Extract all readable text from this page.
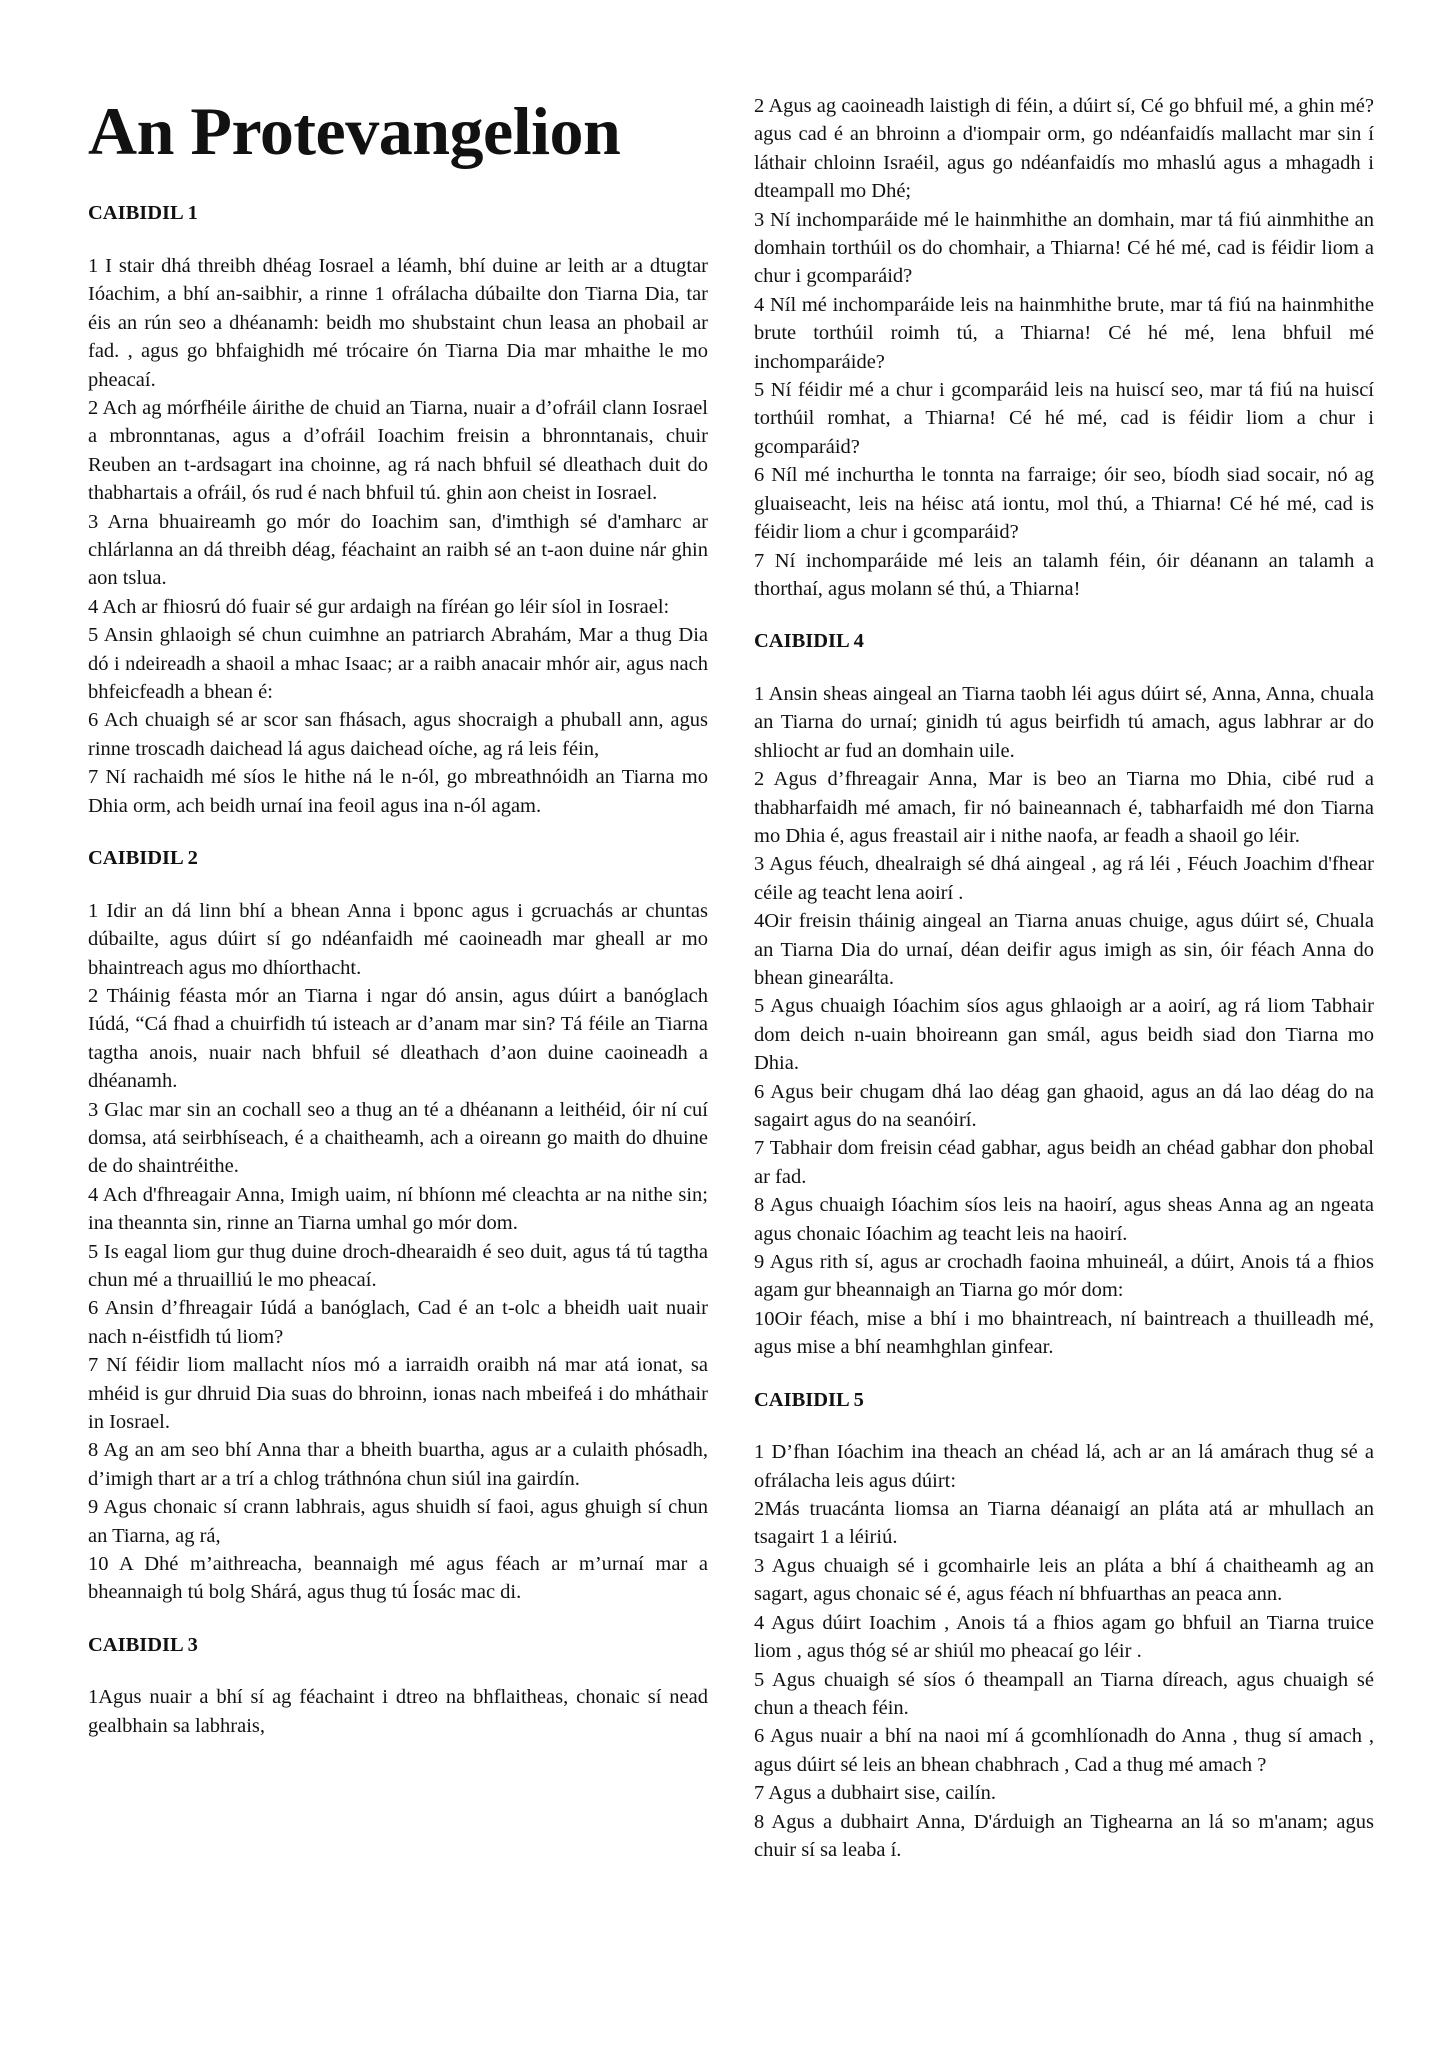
An Protevangelion
CAIBIDIL 1

1 I stair dhá threibh dhéag Iosrael a léamh, bhí duine ar leith ar a dtugtar Ióachim, a bhí an-saibhir, a rinne 1 ofrálacha dúbailte don Tiarna Dia, tar éis an rún seo a dhéanamh: beidh mo shubstaint chun leasa an phobail ar fad. , agus go bhfaighidh mé trócaire ón Tiarna Dia mar mhaithe le mo pheacaí.

2 Ach ag mórfhéile áirithe de chuid an Tiarna, nuair a d’ofráil clann Iosrael a mbronntanas, agus a d’ofráil Ioachim freisin a bhronntanais, chuir Reuben an t-ardsagart ina choinne, ag rá nach bhfuil sé dleathach duit do thabhartais a ofráil, ós rud é nach bhfuil tú. ghin aon cheist in Iosrael.

3 Arna bhuaireamh go mór do Ioachim san, d'imthigh sé d'amharc ar chlárlanna an dá threibh déag, féachaint an raibh sé an t-aon duine nár ghin aon tslua.

4 Ach ar fhiosrú dó fuair sé gur ardaigh na fíréan go léir síol in Iosrael:

5 Ansin ghlaoigh sé chun cuimhne an patriarch Abrahám, Mar a thug Dia dó i ndeireadh a shaoil a mhac Isaac; ar a raibh anacair mhór air, agus nach bhfeicfeadh a bhean é:

6 Ach chuaigh sé ar scor san fhásach, agus shocraigh a phuball ann, agus rinne troscadh daichead lá agus daichead oíche, ag rá leis féin,

7 Ní rachaidh mé síos le hithe ná le n-ól, go mbreathnóidh an Tiarna mo Dhia orm, ach beidh urnaí ina feoil agus ina n-ól agam.

CAIBIDIL 2

1 Idir an dá linn bhí a bhean Anna i bponc agus i gcruachás ar chuntas dúbailte, agus dúirt sí go ndéanfaidh mé caoineadh mar gheall ar mo bhaintreach agus mo dhíorthacht.

2 Tháinig féasta mór an Tiarna i ngar dó ansin, agus dúirt a banóglach Iúdá, “Cá fhad a chuirfidh tú isteach ar d’anam mar sin? Tá féile an Tiarna tagtha anois, nuair nach bhfuil sé dleathach d’aon duine caoineadh a dhéanamh.

3 Glac mar sin an cochall seo a thug an té a dhéanann a leithéid, óir ní cuí domsa, atá seirbhíseach, é a chaitheamh, ach a oireann go maith do dhuine de do shaintréithe.

4 Ach d'fhreagair Anna, Imigh uaim, ní bhíonn mé cleachta ar na nithe sin; ina theannta sin, rinne an Tiarna umhal go mór dom.

5 Is eagal liom gur thug duine droch-dhearaidh é seo duit, agus tá tú tagtha chun mé a thruailliú le mo pheacaí.

6 Ansin d’fhreagair Iúdá a banóglach, Cad é an t-olc a bheidh uait nuair nach n-éistfidh tú liom?

7 Ní féidir liom mallacht níos mó a iarraidh oraibh ná mar atá ionat, sa mhéid is gur dhruid Dia suas do bhroinn, ionas nach mbeifeá i do mháthair in Iosrael.

8 Ag an am seo bhí Anna thar a bheith buartha, agus ar a culaith phósadh, d’imigh thart ar a trí a chlog tráthnóna chun siúl ina gairdín.

9 Agus chonaic sí crann labhrais, agus shuidh sí faoi, agus ghuigh sí chun an Tiarna, ag rá,

10 A Dhé m’aithreacha, beannaigh mé agus féach ar m’urnaí mar a bheannaigh tú bolg Shárá, agus thug tú Íosác mac di.

CAIBIDIL 3

1Agus nuair a bhí sí ag féachaint i dtreo na bhflaitheas, chonaic sí nead gealbhain sa labhrais,

2 Agus ag caoineadh laistigh di féin, a dúirt sí, Cé go bhfuil mé, a ghin mé? agus cad é an bhroinn a d'iompair orm, go ndéanfaidís mallacht mar sin í láthair chloinn Israéil, agus go ndéanfaidís mo mhaslú agus a mhagadh i dteampall mo Dhé;

3 Ní inchomparáide mé le hainmhithe an domhain, mar tá fiú ainmhithe an domhain torthúil os do chomhair, a Thiarna! Cé hé mé, cad is féidir liom a chur i gcomparáid?

4 Níl mé inchomparáide leis na hainmhithe brute, mar tá fiú na hainmhithe brute torthúil roimh tú, a Thiarna! Cé hé mé, lena bhfuil mé inchomparáide?

5 Ní féidir mé a chur i gcomparáid leis na huiscí seo, mar tá fiú na huiscí torthúil romhat, a Thiarna! Cé hé mé, cad is féidir liom a chur i gcomparáid?

6 Níl mé inchurtha le tonnta na farraige; óir seo, bíodh siad socair, nó ag gluaiseacht, leis na héisc atá iontu, mol thú, a Thiarna! Cé hé mé, cad is féidir liom a chur i gcomparáid?

7 Ní inchomparáide mé leis an talamh féin, óir déanann an talamh a thorthaí, agus molann sé thú, a Thiarna!

CAIBIDIL 4

1 Ansin sheas aingeal an Tiarna taobh léi agus dúirt sé, Anna, Anna, chuala an Tiarna do urnaí; ginidh tú agus beirfidh tú amach, agus labhrar ar do shliocht ar fud an domhain uile.

2 Agus d’fhreagair Anna, Mar is beo an Tiarna mo Dhia, cibé rud a thabharfaidh mé amach, fir nó baineannach é, tabharfaidh mé don Tiarna mo Dhia é, agus freastail air i nithe naofa, ar feadh a shaoil go léir.

3 Agus féuch, dhealraigh sé dhá aingeal , ag rá léi , Féuch Joachim d'fhear céile ag teacht lena aoirí .

4Oir freisin tháinig aingeal an Tiarna anuas chuige, agus dúirt sé, Chuala an Tiarna Dia do urnaí, déan deifir agus imigh as sin, óir féach Anna do bhean ginearálta.

5 Agus chuaigh Ióachim síos agus ghlaoigh ar a aoirí, ag rá liom Tabhair dom deich n-uain bhoireann gan smál, agus beidh siad don Tiarna mo Dhia.

6 Agus beir chugam dhá lao déag gan ghaoid, agus an dá lao déag do na sagairt agus do na seanóirí.

7 Tabhair dom freisin céad gabhar, agus beidh an chéad gabhar don phobal ar fad.

8 Agus chuaigh Ióachim síos leis na haoirí, agus sheas Anna ag an ngeata agus chonaic Ióachim ag teacht leis na haoirí.

9 Agus rith sí, agus ar crochadh faoina mhuineál, a dúirt, Anois tá a fhios agam gur bheannaigh an Tiarna go mór dom:

10Oir féach, mise a bhí i mo bhaintreach, ní baintreach a thuilleadh mé, agus mise a bhí neamhghlan ginfear.

CAIBIDIL 5

1 D’fhan Ióachim ina theach an chéad lá, ach ar an lá amárach thug sé a ofrálacha leis agus dúirt:

2Más truacánta liomsa an Tiarna déanaigí an pláta atá ar mhullach an tsagairt 1 a léiriú.

3 Agus chuaigh sé i gcomhairle leis an pláta a bhí á chaitheamh ag an sagart, agus chonaic sé é, agus féach ní bhfuarthas an peaca ann.

4 Agus dúirt Ioachim , Anois tá a fhios agam go bhfuil an Tiarna truice liom , agus thóg sé ar shiúl mo pheacaí go léir .

5 Agus chuaigh sé síos ó theampall an Tiarna díreach, agus chuaigh sé chun a theach féin.

6 Agus nuair a bhí na naoi mí á gcomhlíonadh do Anna , thug sí amach , agus dúirt sé leis an bhean chabhrach , Cad a thug mé amach ?

7 Agus a dubhairt sise, cailín.

8 Agus a dubhairt Anna, D'árduigh an Tighearna an lá so m'anam; agus chuir sí sa leaba í.
